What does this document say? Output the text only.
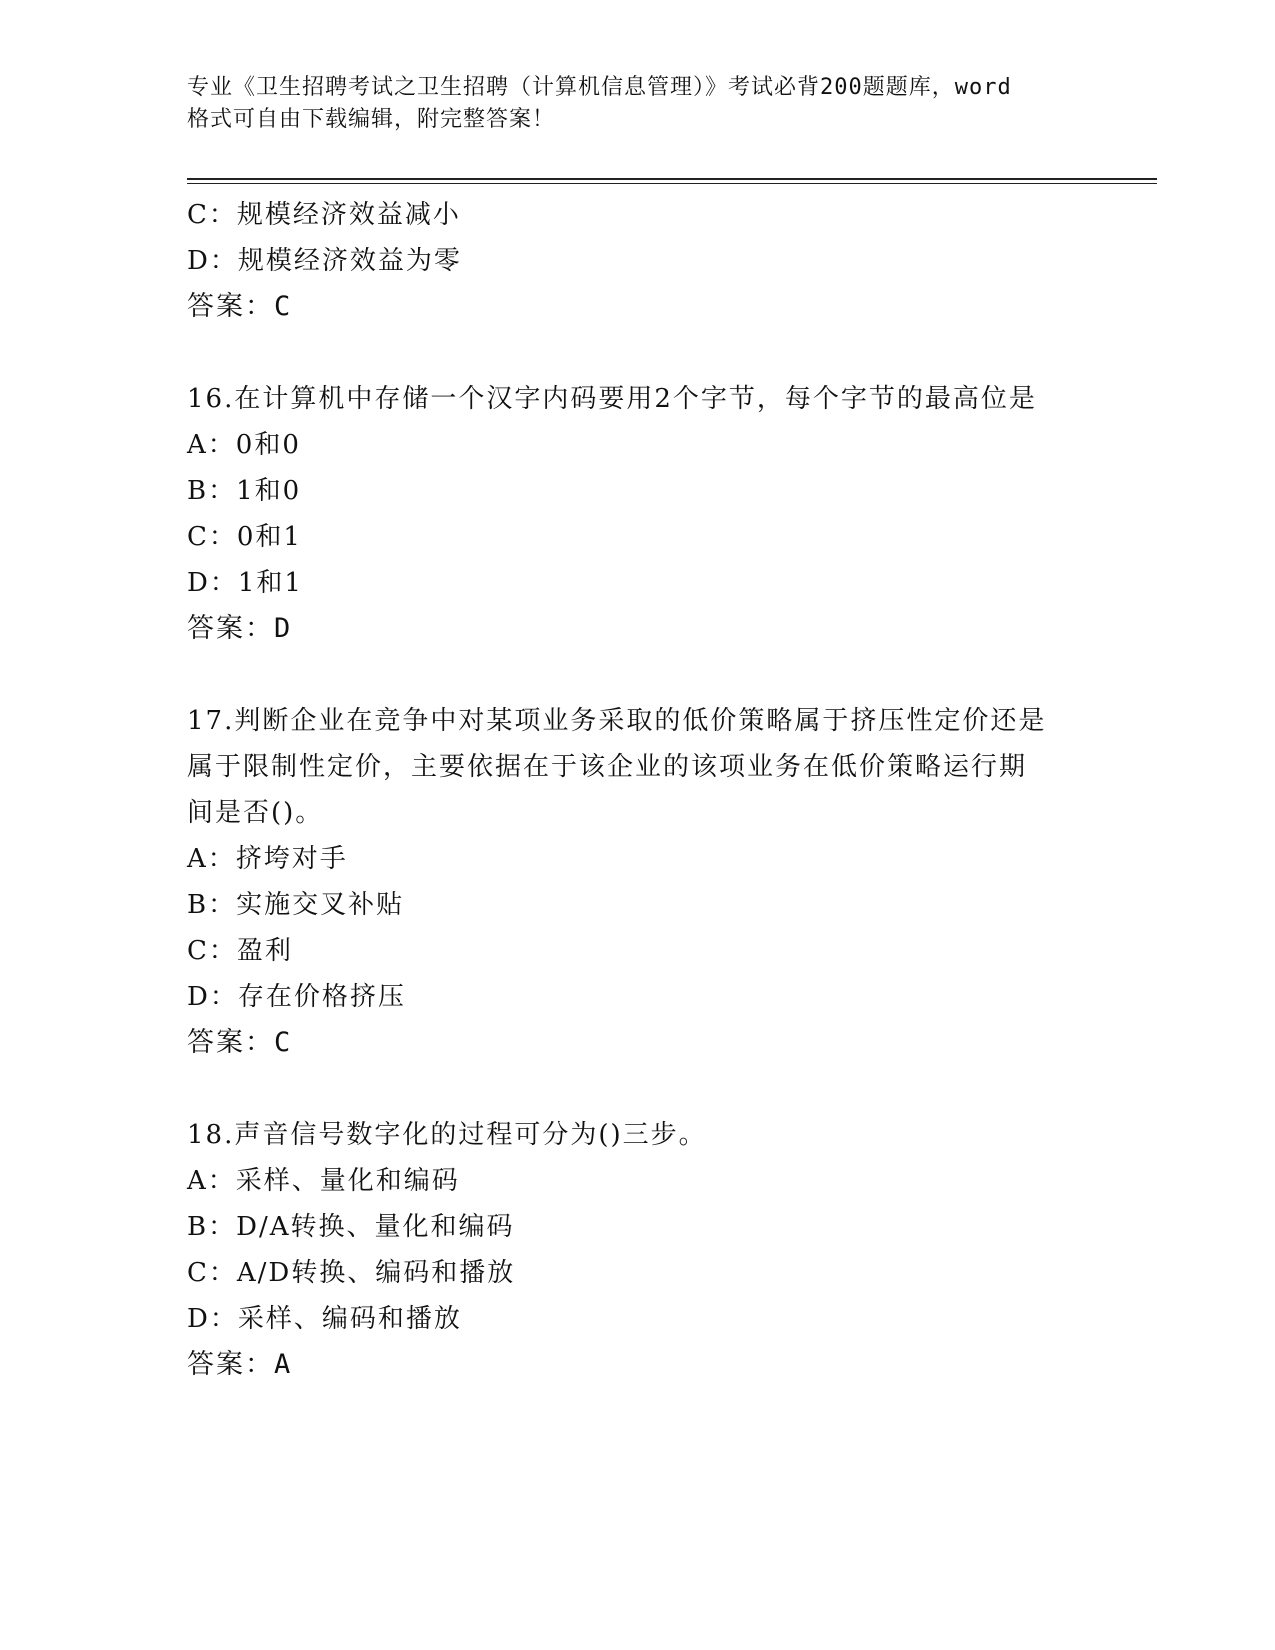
专业《卫生招聘考试之卫生招聘（计算机信息管理）》考试必背200题题库，word
格式可自由下载编辑，附完整答案！
C：规模经济效益减小
D：规模经济效益为零
答案：C
16.在计算机中存储一个汉字内码要用2个字节，每个字节的最高位是
A：0和0
B：1和0
C：0和1
D：1和1
答案：D
17.判断企业在竞争中对某项业务采取的低价策略属于挤压性定价还是
属于限制性定价，主要依据在于该企业的该项业务在低价策略运行期
间是否()。
A：挤垮对手
B：实施交叉补贴
C：盈利
D：存在价格挤压
答案：C
18.声音信号数字化的过程可分为()三步。
A：采样、量化和编码
B：D/A转换、量化和编码
C：A/D转换、编码和播放
D：采样、编码和播放
答案：A
